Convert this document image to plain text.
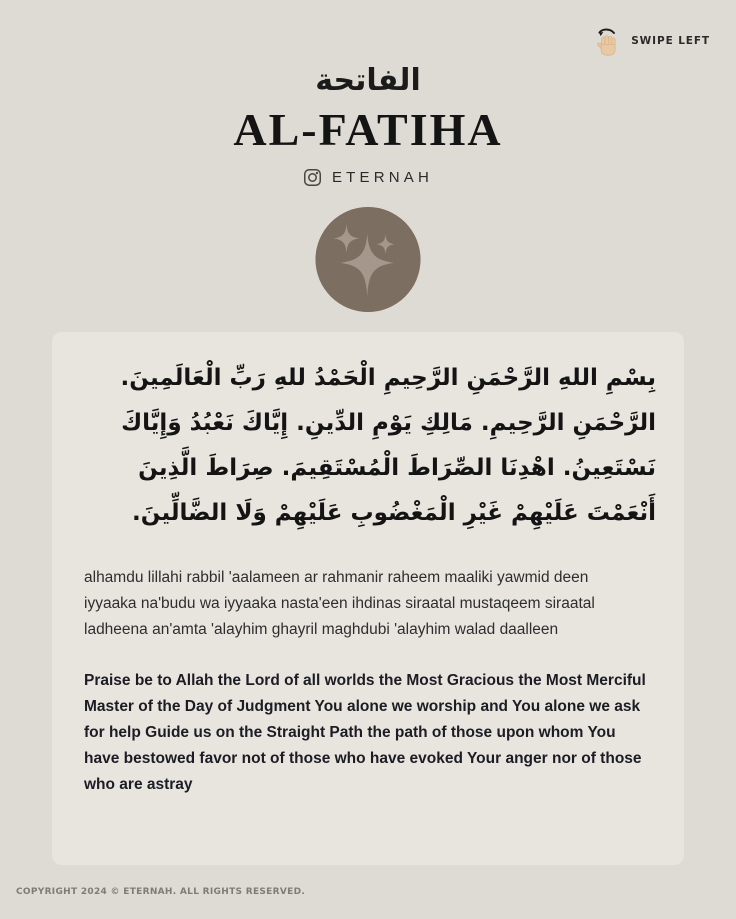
SWIPE LEFT
الفاتحة
AL-FATIHA
ETERNAH
بِسْمِ اللهِ الرَّحْمَنِ الرَّحِيمِ الْحَمْدُ للهِ رَبِّ الْعَالَمِينَ. الرَّحْمَنِ الرَّحِيمِ. مَالِكِ يَوْمِ الدِّينِ. إِيَّاكَ نَعْبُدُ وَإِيَّاكَ نَسْتَعِينُ. اهْدِنَا الصِّرَاطَ الْمُسْتَقِيمَ. صِرَاطَ الَّذِينَ أَنْعَمْتَ عَلَيْهِمْ غَيْرِ الْمَغْضُوبِ عَلَيْهِمْ وَلَا الضَّالِّينَ.
alhamdu lillahi rabbil 'aalameen ar rahmanir raheem maaliki yawmid deen iyyaaka na'budu wa iyyaaka nasta'een ihdinas siraatal mustaqeem siraatal ladheena an'amta 'alayhim ghayril maghdubi 'alayhim walad daalleen
Praise be to Allah the Lord of all worlds the Most Gracious the Most Merciful Master of the Day of Judgment You alone we worship and You alone we ask for help Guide us on the Straight Path the path of those upon whom You have bestowed favor not of those who have evoked Your anger nor of those who are astray
COPYRIGHT 2024 © ETERNAH. ALL RIGHTS RESERVED.
